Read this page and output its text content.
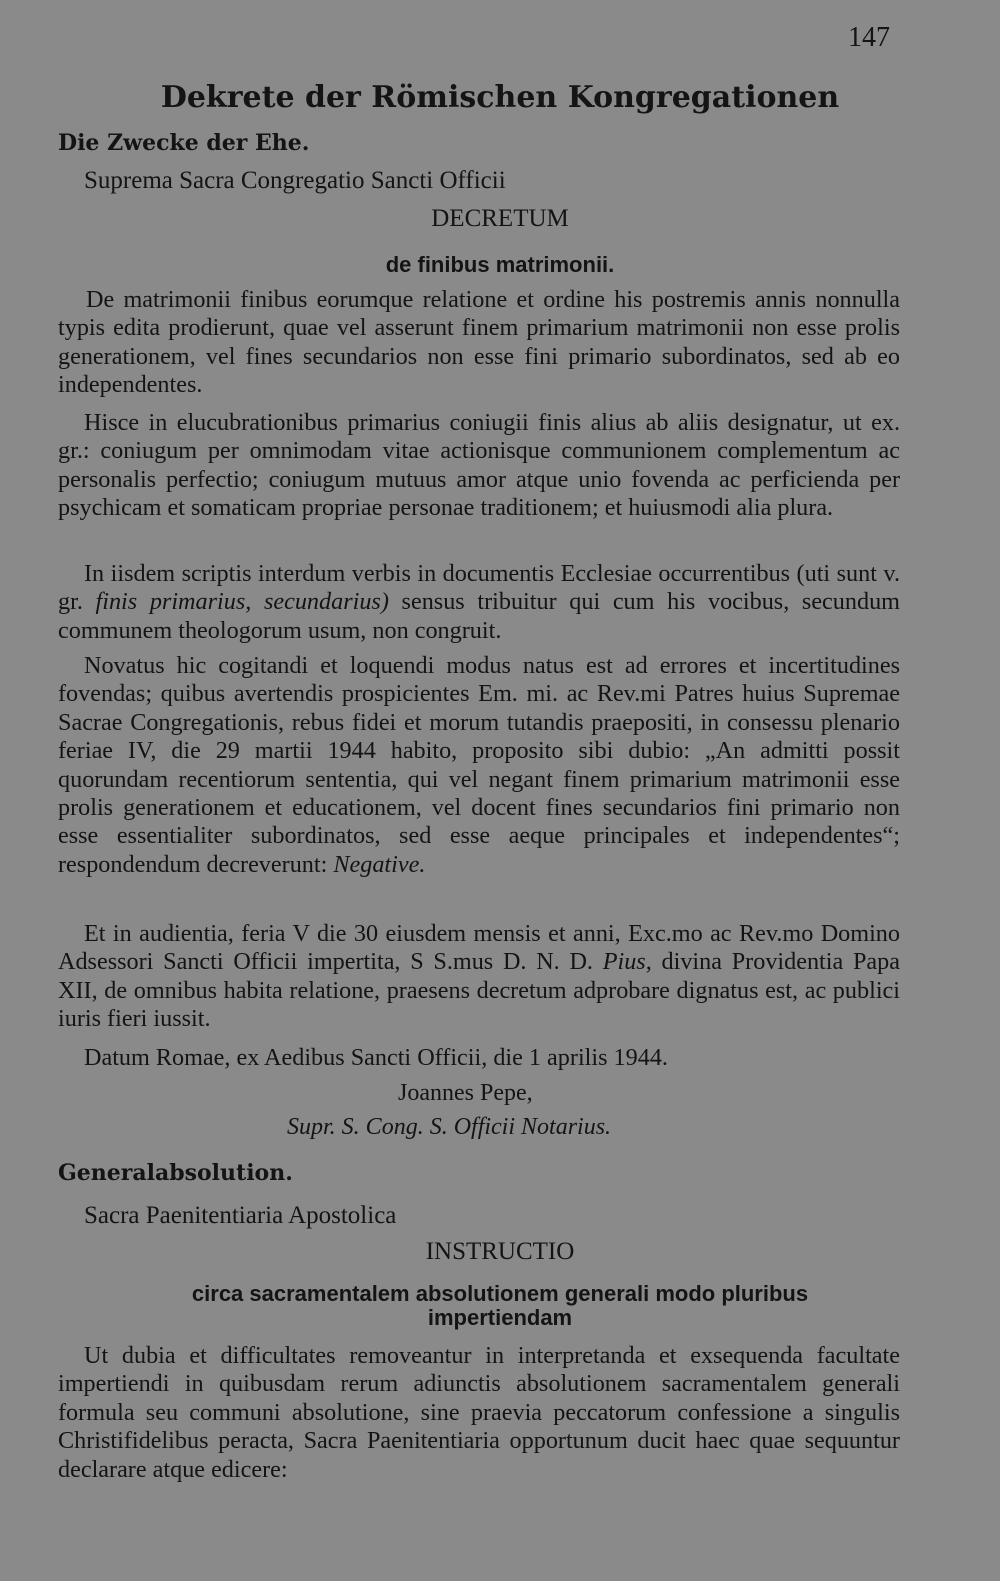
147
Dekrete der Römischen Kongregationen
Die Zwecke der Ehe.
Suprema Sacra Congregatio Sancti Officii
DECRETUM
de finibus matrimonii.
De matrimonii finibus eorumque relatione et ordine his postremis annis nonnulla typis edita prodierunt, quae vel asserunt finem primarium matrimonii non esse prolis generationem, vel fines secundarios non esse fini primario subordinatos, sed ab eo independentes.
Hisce in elucubrationibus primarius coniugii finis alius ab aliis designatur, ut ex. gr.: coniugum per omnimodam vitae actionisque communionem complementum ac personalis perfectio; coniugum mutuus amor atque unio fovenda ac perficienda per psychicam et somaticam propriae personae traditionem; et huiusmodi alia plura.
In iisdem scriptis interdum verbis in documentis Ecclesiae occurrentibus (uti sunt v. gr. finis primarius, secundarius) sensus tribuitur qui cum his vocibus, secundum communem theologorum usum, non congruit.
Novatus hic cogitandi et loquendi modus natus est ad errores et incertitudines fovendas; quibus avertendis prospicientes Em. mi. ac Rev.mi Patres huius Supremae Sacrae Congregationis, rebus fidei et morum tutandis praepositi, in consessu plenario feriae IV, die 29 martii 1944 habito, proposito sibi dubio: „An admitti possit quorundam recentiorum sententia, qui vel negant finem primarium matrimonii esse prolis generationem et educationem, vel docent fines secundarios fini primario non esse essentialiter subordinatos, sed esse aeque principales et independentes“; respondendum decreverunt: Negative.
Et in audientia, feria V die 30 eiusdem mensis et anni, Exc.mo ac Rev.mo Domino Adsessori Sancti Officii impertita, S S.mus D. N. D. Pius, divina Providentia Papa XII, de omnibus habita relatione, praesens decretum adprobare dignatus est, ac publici iuris fieri iussit.
Datum Romae, ex Aedibus Sancti Officii, die 1 aprilis 1944.
Joannes Pepe,
Supr. S. Cong. S. Officii Notarius.
Generalabsolution.
Sacra Paenitentiaria Apostolica
INSTRUCTIO
circa sacramentalem absolutionem generali modo pluribus
impertiendam
Ut dubia et difficultates removeantur in interpretanda et exsequenda facultate impertiendi in quibusdam rerum adiunctis absolutionem sacramentalem generali formula seu communi absolutione, sine praevia peccatorum confessione a singulis Christifidelibus peracta, Sacra Paenitentiaria opportunum ducit haec quae sequuntur declarare atque edicere:
